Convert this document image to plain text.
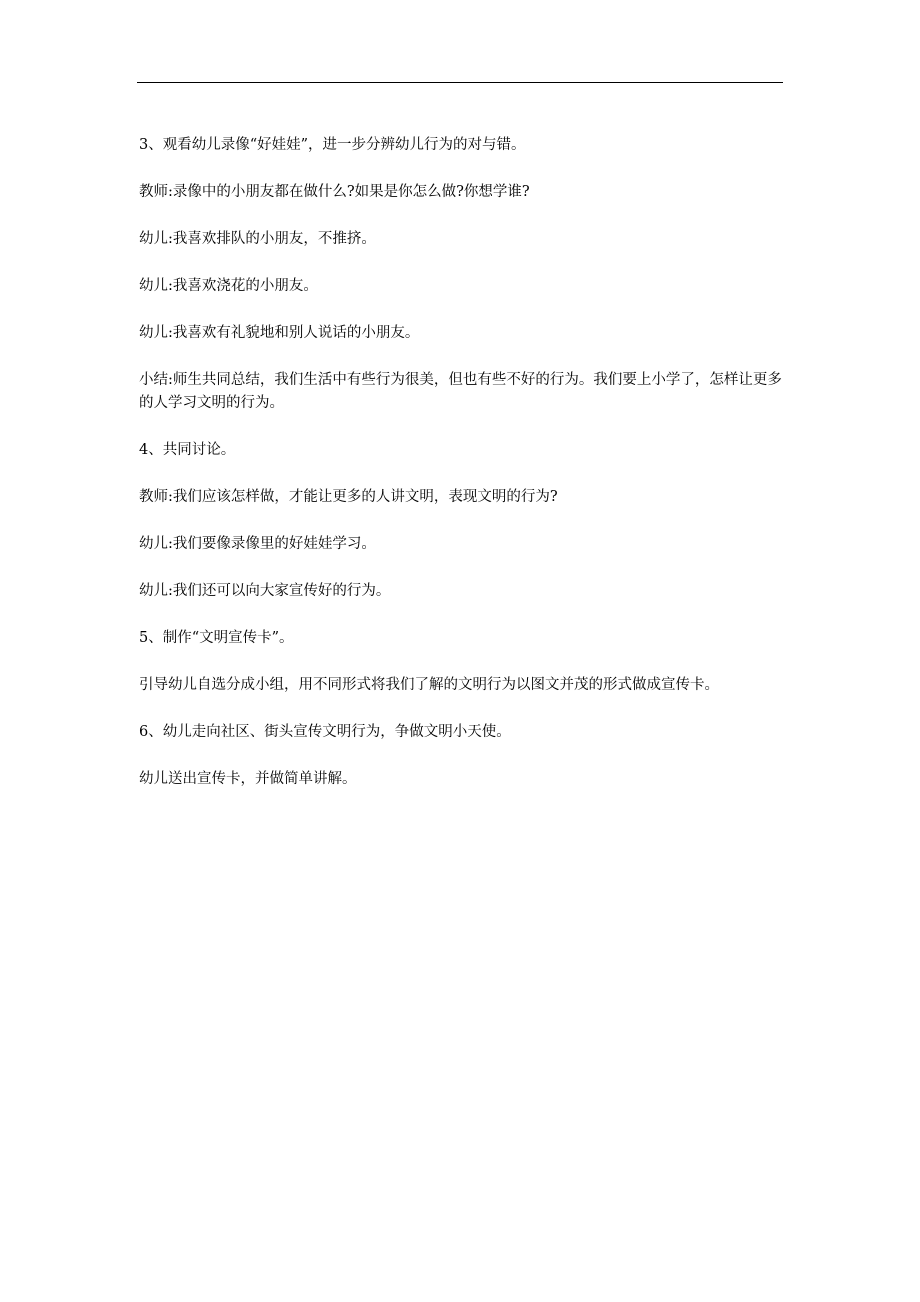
3、观看幼儿录像“好娃娃”，进一步分辨幼儿行为的对与错。

教师:录像中的小朋友都在做什么?如果是你怎么做?你想学谁?

幼儿:我喜欢排队的小朋友，不推挤。

幼儿:我喜欢浇花的小朋友。

幼儿:我喜欢有礼貌地和别人说话的小朋友。

小结:师生共同总结，我们生活中有些行为很美，但也有些不好的行为。我们要上小学了，怎样让更多的人学习文明的行为。

4、共同讨论。

教师:我们应该怎样做，才能让更多的人讲文明，表现文明的行为?

幼儿:我们要像录像里的好娃娃学习。

幼儿:我们还可以向大家宣传好的行为。

5、制作“文明宣传卡”。

引导幼儿自选分成小组，用不同形式将我们了解的文明行为以图文并茂的形式做成宣传卡。

6、幼儿走向社区、街头宣传文明行为，争做文明小天使。

幼儿送出宣传卡，并做简单讲解。
